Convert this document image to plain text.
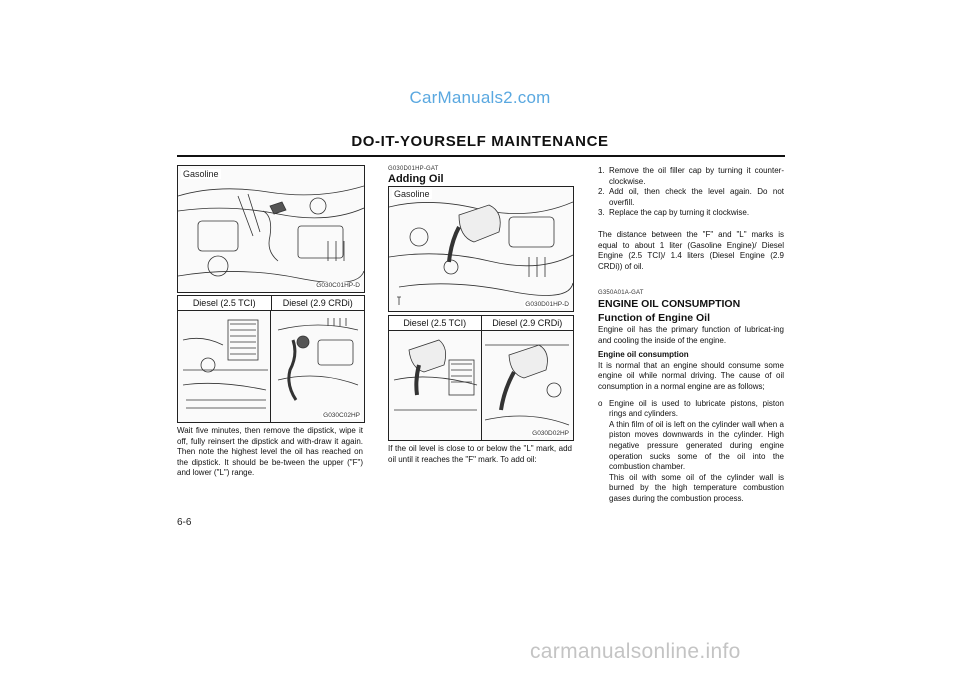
CarManuals2.com
DO-IT-YOURSELF MAINTENANCE
Gasoline
G030C01HP-D
Diesel (2.5 TCI)	Diesel (2.9 CRDi)
G030C02HP
Wait five minutes, then remove the dipstick, wipe it off, fully reinsert the dipstick and with-draw it again. Then note the highest level the oil has reached on the dipstick. It should be be-tween the upper ("F") and lower ("L") range.
6-6
G030D01HP-GAT
Adding Oil
Gasoline
G030D01HP-D
Diesel (2.5 TCI)	Diesel (2.9 CRDi)
G030D02HP
If the oil level is close to or below the "L" mark, add oil until it reaches the "F" mark. To add oil:
1. Remove the oil filler cap by turning it counter-clockwise.
2. Add oil, then check the level again. Do not overfill.
3. Replace the cap by turning it clockwise.
The distance between the "F" and "L" marks is equal to about 1 liter (Gasoline Engine)/ Diesel Engine (2.5 TCI)/ 1.4 liters (Diesel Engine (2.9 CRDi)) of oil.
G350A01A-GAT
ENGINE OIL CONSUMPTION
Function of Engine Oil
Engine oil has the primary function of lubricat-ing and cooling the inside of the engine.
Engine oil consumption
It is normal that an engine should consume some engine oil while normal driving. The cause of oil consumption in a normal engine are as follows;
o Engine oil is used to lubricate pistons, piston rings and cylinders.
A thin film of oil is left on the cylinder wall when a piston moves downwards in the cylinder. High negative pressure generated during engine operation sucks some of the oil into the combustion chamber.
This oil with some oil of the cylinder wall is burned by the high temperature combustion gases during the combustion process.
carmanualsonline.info
